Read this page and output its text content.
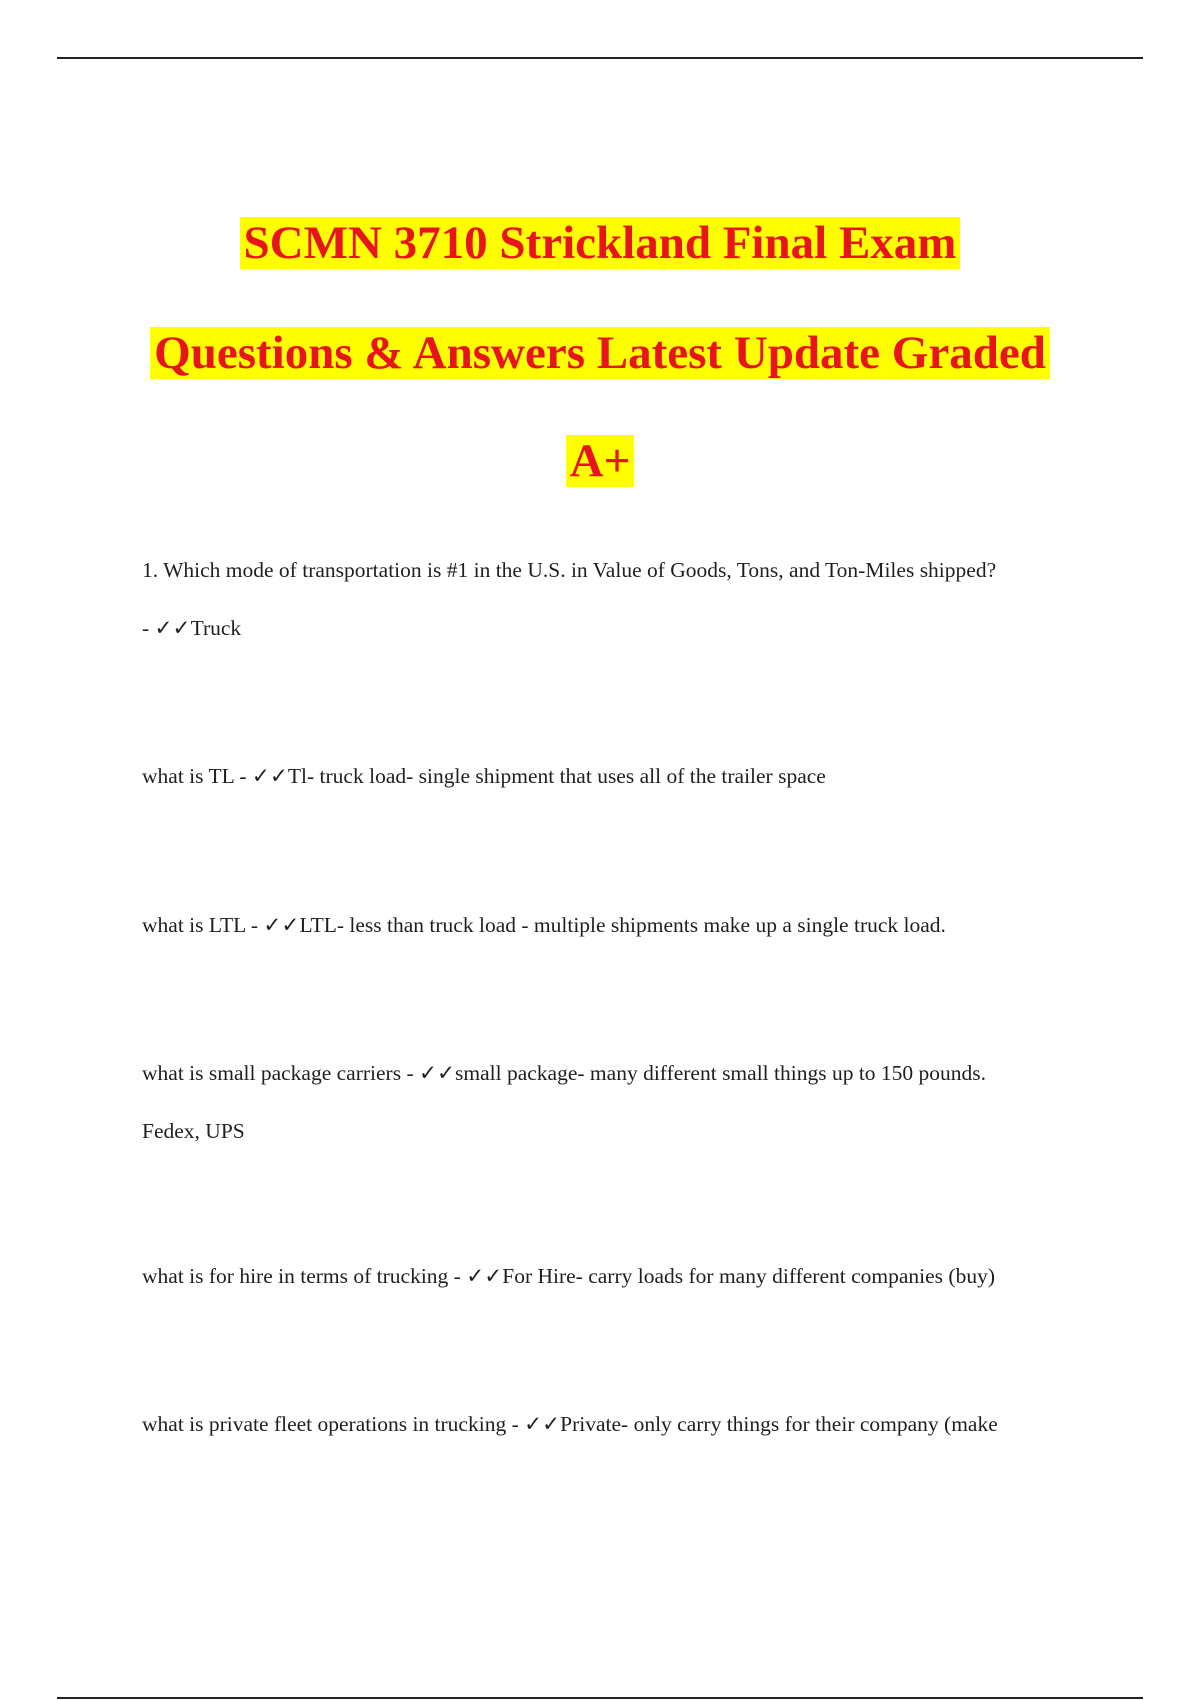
SCMN 3710 Strickland Final Exam
Questions & Answers Latest Update Graded
A+
1. Which mode of transportation is #1 in the U.S. in Value of Goods, Tons, and Ton-Miles shipped?
- ✓✓Truck
what is TL - ✓✓Tl- truck load- single shipment that uses all of the trailer space
what is LTL - ✓✓LTL- less than truck load - multiple shipments make up a single truck load.
what is small package carriers - ✓✓small package- many different small things up to 150 pounds.
Fedex, UPS
what is for hire in terms of trucking - ✓✓For Hire- carry loads for many different companies (buy)
what is private fleet operations in trucking - ✓✓Private- only carry things for their company (make
